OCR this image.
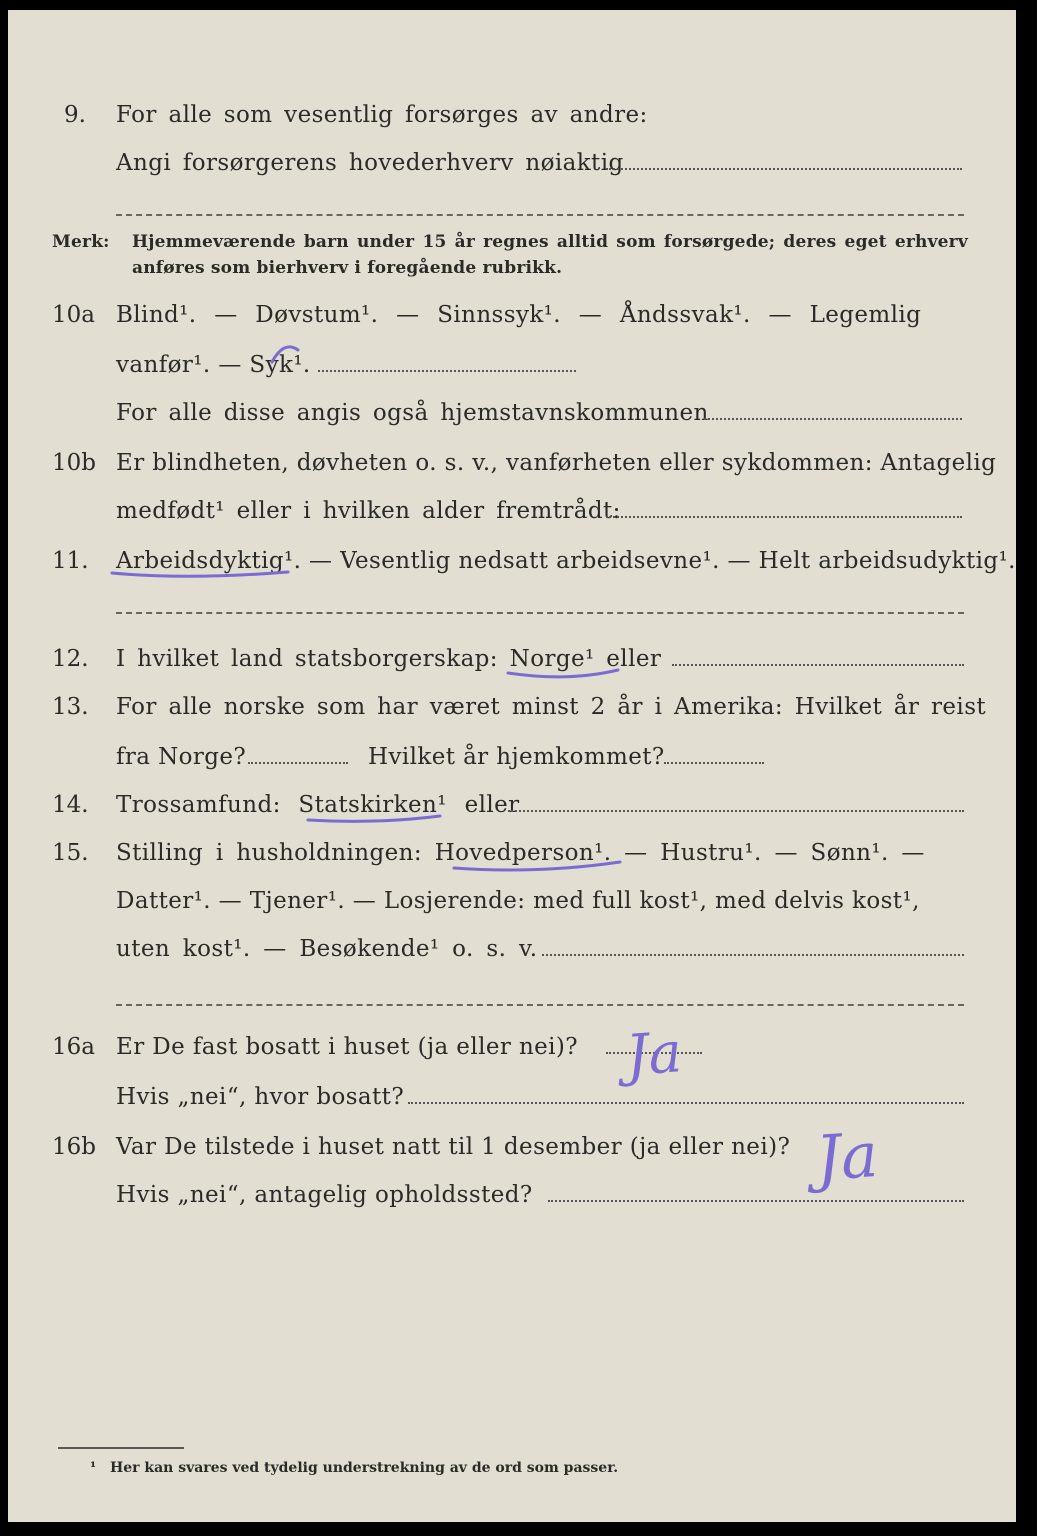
9. For alle som vesentlig forsørges av andre:
Angi forsørgerens hovederhverv nøiaktig
Merk: Hjemmeværende barn under 15 år regnes alltid som forsørgede; deres eget erhverv
anføres som bierhverv i foregående rubrikk.
10a Blind¹. — Døvstum¹. — Sinnssyk¹. — Åndssvak¹. — Legemlig
vanfør¹. — Syk¹.
For alle disse angis også hjemstavnskommunen
10b Er blindheten, døvheten o. s. v., vanførheten eller sykdommen: Antagelig
medfødt¹ eller i hvilken alder fremtrådt:
11. Arbeidsdyktig¹. — Vesentlig nedsatt arbeidsevne¹. — Helt arbeidsudyktig¹.
12. I hvilket land statsborgerskap: Norge¹ eller
13. For alle norske som har været minst 2 år i Amerika: Hvilket år reist
fra Norge?	Hvilket år hjemkommet?
14. Trossamfund: Statskirken¹ eller
15. Stilling i husholdningen: Hovedperson¹. — Hustru¹. — Sønn¹. —
Datter¹. — Tjener¹. — Losjerende: med full kost¹, med delvis kost¹,
uten kost¹. — Besøkende¹ o. s. v.
16a Er De fast bosatt i huset (ja eller nei)?
Hvis „nei“, hvor bosatt?
Ja
16b Var De tilstede i huset natt til 1 desember (ja eller nei)?
Hvis „nei“, antagelig opholdssted?	Ja
¹ Her kan svares ved tydelig understrekning av de ord som passer.
